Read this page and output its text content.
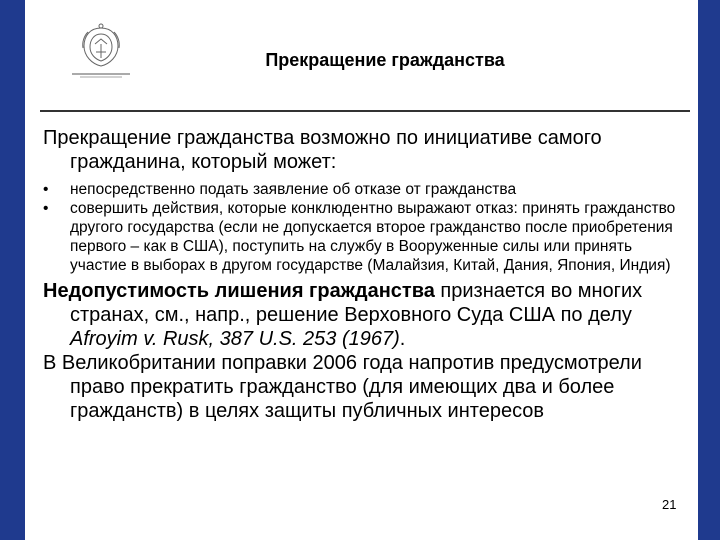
Прекращение гражданства

Прекращение гражданства возможно по инициативе самого гражданина, который может:

• непосредственно подать заявление об отказе от гражданства
• совершить действия, которые конклюдентно выражают отказ: принять гражданство другого государства (если не допускается второе гражданство после приобретения первого – как в США), поступить на службу в Вооруженные силы или принять участие в выборах в другом государстве (Малайзия, Китай, Дания, Япония, Индия)

Недопустимость лишения гражданства признается во многих странах, см., напр., решение Верховного Суда США по делу Afroyim v. Rusk, 387 U.S. 253 (1967).

В Великобритании поправки 2006 года напротив предусмотрели право прекратить гражданство (для имеющих два и более гражданств) в целях защиты публичных интересов

21
